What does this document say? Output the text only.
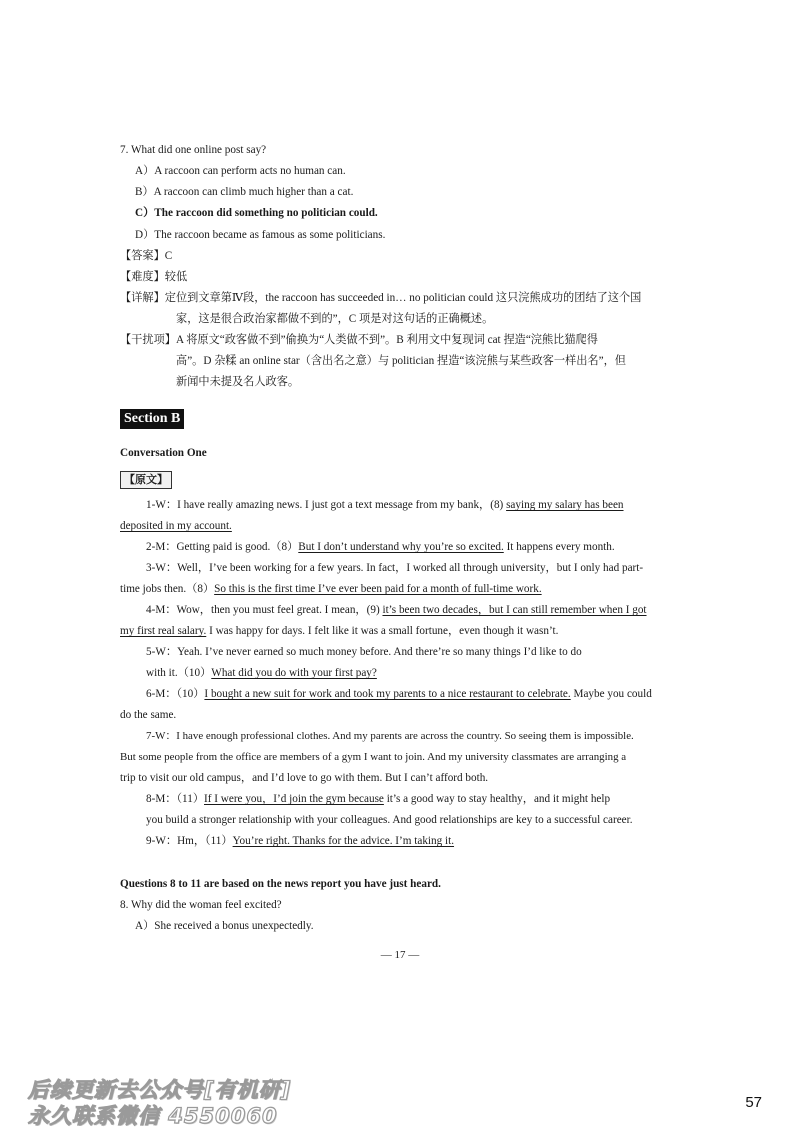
7. What did one online post say?
A）A raccoon can perform acts no human can.
B）A raccoon can climb much higher than a cat.
C）The raccoon did something no politician could.
D）The raccoon became as famous as some politicians.
【答案】C
【难度】较低
【详解】定位到文章第Ⅳ段，the raccoon has succeeded in… no politician could 这只浣熊成功的团结了这个国
家，这是很合政治家都做不到的”，C 项是对这句话的正确概述。
【干扰项】A 将原文“政客做不到”偷换为“人类做不到”。B 利用文中复现词 cat 捏造“浣熊比猫爬得
高”。D 杂糅 an online star（含出名之意）与 politician 捏造“该浣熊与某些政客一样出名”，但
新闻中未提及名人政客。
Section B
Conversation One
【原文】
1-W：I have really amazing news. I just got a text message from my bank，(8) saying my salary has been
deposited in my account.
2-M：Getting paid is good.（8）But I don’t understand why you’re so excited. It happens every month.
3-W：Well，I’ve been working for a few years. In fact，I worked all through university，but I only had part-
time jobs then.（8）So this is the first time I’ve ever been paid for a month of full-time work.
4-M：Wow，then you must feel great. I mean，(9) it’s been two decades，but I can still remember when I got
my first real salary. I was happy for days. I felt like it was a small fortune，even though it wasn’t.
5-W：Yeah. I’ve never earned so much money before. And there’re so many things I’d like to do
with it.（10）What did you do with your first pay?
6-M：（10）I bought a new suit for work and took my parents to a nice restaurant to celebrate. Maybe you could
do the same.
7-W：I have enough professional clothes. And my parents are across the country. So seeing them is impossible.
But some people from the office are members of a gym I want to join. And my university classmates are arranging a
trip to visit our old campus，and I’d love to go with them. But I can’t afford both.
8-M：（11）If I were you，I’d join the gym because it’s a good way to stay healthy，and it might help
you build a stronger relationship with your colleagues. And good relationships are key to a successful career.
9-W：Hm，（11）You’re right. Thanks for the advice. I’m taking it.
Questions 8 to 11 are based on the news report you have just heard.
8. Why did the woman feel excited?
A）She received a bonus unexpectedly.
— 17 —
57
后续更新去公众号[有机研]
永久联系微信 4550060
